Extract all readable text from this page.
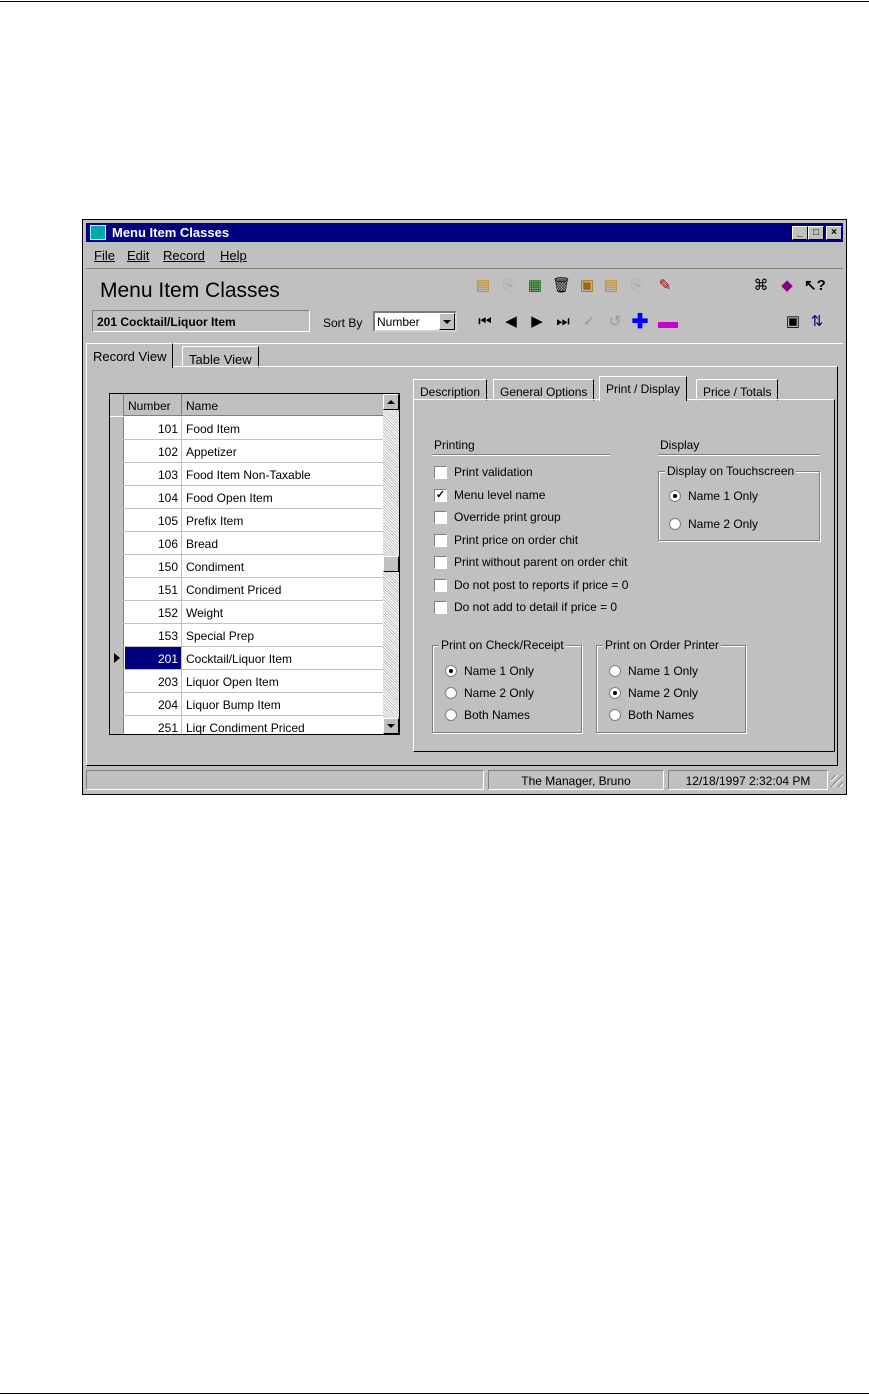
Menu Item Classes	_	□	×
File Edit Record Help
Menu Item Classes
201 Cocktail/Liquor Item	Sort By	Number
▤ ⎘ ▦ 🗑 ▣ ▤ ⎘ ✎	⌘ ◆ ↖?
⏮ ◀ ▶ ⏭ ✓ ↺ ✚ ▬	▣ ⇅
Record View	Table View
Number	Name
101 Food Item
102 Appetizer
103 Food Item Non-Taxable
104 Food Open Item
105 Prefix Item
106 Bread
150 Condiment
151 Condiment Priced
152 Weight
153 Special Prep
201 Cocktail/Liquor Item
203 Liquor Open Item
204 Liquor Bump Item
251 Liqr Condiment Priced
Description	General Options	Print / Display	Price / Totals
Printing	Display
Print validation
✓ Menu level name
Override print group
Print price on order chit
Print without parent on order chit
Do not post to reports if price = 0
Do not add to detail if price = 0
Display on Touchscreen
Name 1 Only
Name 2 Only
Print on Check/Receipt
Name 1 Only
Name 2 Only
Both Names
Print on Order Printer
Name 1 Only
Name 2 Only
Both Names
The Manager, Bruno	12/18/1997 2:32:04 PM
